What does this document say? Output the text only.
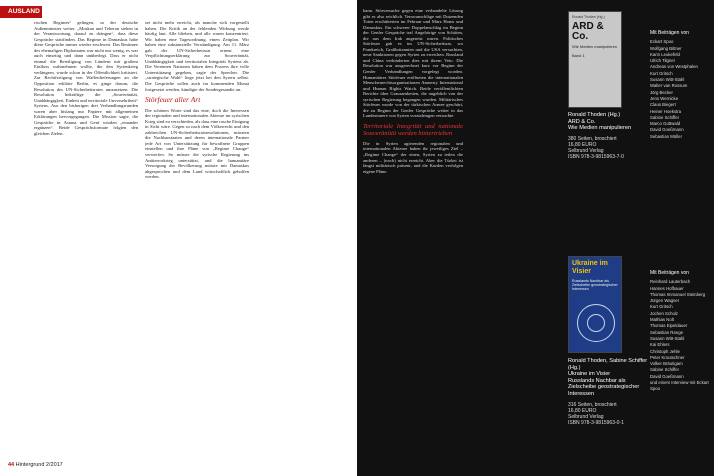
AUSLAND

rischen Regimes“ gelingen, so der deutsche Außenminister weiter. „Moskau und Teheran stehen in der Verantwortung, darauf zu drängen“, dass diese Gespräche stattfinden. Das Regime in Damaskus habe diese Gespräche immer wieder erschwert. Das Resümee des ehemaligen Diplomaten war nicht nur wenig, es war auch einseitig und dann unüberlegt. Dass er nicht einmal die Beteiligung von Ländern mit großem Einfluss wahrnehmen wollte, die den Syrienkrieg verlängern, wurde schon in der Öffentlichkeit kritisiert. Zur Rechtfertigung von Waffenlieferungen an die Opposition erklärte Berlin, es ginge darum, die Resolution des UN-Sicherheitsrates umzusetzen. Die Resolution bekräftige die „Souveränität, Unabhängigkeit, Einheit und territoriale Unversehrtheit“ Syriens. Aus den bisherigen drei Verhandlungsrunden waren aber bislang nur Papiere mit allgemeinen Erklärungen hervorgegangen. Die Mission sagte, die Gespräche in Astana und Genf würden „einander ergänzen“. Beide Gesprächsformate folgten den gleichen Zielen.

sei nicht mehr erreicht, als manche sich vorgestellt haben. Die Kritik an der fehlenden Wirkung werde häufig laut. Alle blieben, und alle waren konzentriert. Wir haben eine Tagesordnung, einen Zeitplan. Wir haben eine substanzielle Verständigung. Am 11. März gab der UN-Sicherheitsrat erneut eine Verpflichtungserklärung zur Souveränität, Unabhängigkeit und territorialen Integrität Syriens ab. Die Vereinten Nationen hätten dem Prozess ihre volle Unterstützung gegeben, sagte der Sprecher. Die „strategische Wahl“ liege jetzt bei den Syrern selbst. Die Gespräche sollen auch im kommenden Monat fortgesetzt werden, kündigte der Sondergesandte an.

Störfeuer aller Art

Die schönen Worte sind das eine, doch die Interessen der regionalen und internationalen Akteure im syrischen Krieg sind zu verschieden, als dass eine rasche Einigung in Sicht wäre. Gegen so nach dem Völkerrecht und den zahlreichen UN-Sicherheitsratsresolutionen, müssten die Nachbarstaaten und deren internationale Partner jede Art von Unterstützung für bewaffnete Gruppen einstellen und ihre Pläne von „Regime Change“ verwerfen. So müsste die syrische Regierung ins Antiterrorkrieg unterstützt, und die humanitäre Versorgung der Bevölkerung müsste mit Damaskus abgesprochen und dem Land wirtschaftlich geholfen werden.

44 Hintergrund 2/2017

kann. Störversuche gegen eine verhandelte Lösung gibt es also reichlich. Terroranschläge mit Dutzenden Toten erschütterten im Februar und März Homs und Damaskus. Ein schwerer Doppelanschlag im Beginn der Genfer Gespräche traf Angehörige von Schiiten, die aus dem Irak angereist waren. Politisches Störfeuer gab es im UN-Sicherheitsrat, wo Frankreich, Großbritannien und die USA versuchten, neue Sanktionen gegen Syrien zu erreichen. Russland und China verhinderten dies mit ihrem Veto. Die Resolution war ausgerechnet kurz vor Beginn der Genfer Verhandlungen vorgelegt worden. Humanitäres Störfeuer eröffneten die internationalen Menschenrechtsorganisationen Amnesty International und Human Rights Watch. Beide veröffentlichten Berichte über Grausamkeiten, die angeblich von der syrischen Regierung begangen wurden. Militärisches Störfeuer wurde von der türkischen Armee geschürt, die zu Beginn der Genfer Gespräche weiter in das Landesinnere von Syrien vorzudringen versuchte.

Territoriale Integrität und nationale Souveränität werden hintertrieben

Die in Syrien agierenden regionalen und internationalen Akteure haben ihr jeweiliges Ziel – „Regime Change“ der einen, Syrien zu teilen die anderen – (noch) nicht erreicht. Aber die Türkei ist längst militärisch präsent, und die Kurden verfolgen eigene Pläne.

Ronald Thoden (Hg.)
ARD & Co.
Wie Medien manipulieren
Band 1
Ronald Thoden (Hg.)
ARD & Co.
Wie Medien manipulieren
380 Seiten, broschiert
16,80 EURO
Selbrund Verlag
ISBN 978-3-9815963-7-0
Mit Beiträgen von
Eckart Spoo
Wolfgang Bittner
Karin Leukefeld
Ulrich Tilgner
Andreas von Westphalen
Kurt Gritsch
Susann Witt-Stahl
Walter van Rossum
Jörg Becker
Jens Wernicke
Claus Biegert
Heiner Hoekstra
Sabine Schiffer
Marco Gottwald
David Goeßmann
Sebastian Müller
Ukraine im Visier
Russlands Nachbar als Zielscheibe geostrategischer Interessen
Ronald Thoden, Sabine Schiffer (Hg.)
Ukraine im Visier
Russlands Nachbar als Zielscheibe geostrategischer Interessen
316 Seiten, broschiert
16,80 EURO
Selbrund Verlag
ISBN 978-3-9815963-0-1
Mit Beiträgen von
Reinhard Lauterbach
Hannes Hofbauer
Thomas Immanuel Steinberg
Jürgen Wagner
Kurt Gritsch
Jochen Scholz
Mathias Nolt
Thomas Eipeldauer
Sebastian Range
Susann Witt-Stahl
Kai Ehlers
Christoph Jehle
Peter Kroutschner
Volker Bräutigam
Sabine Schiffer
David Goeßmann
und einem Interview mit Eckart Spoo
